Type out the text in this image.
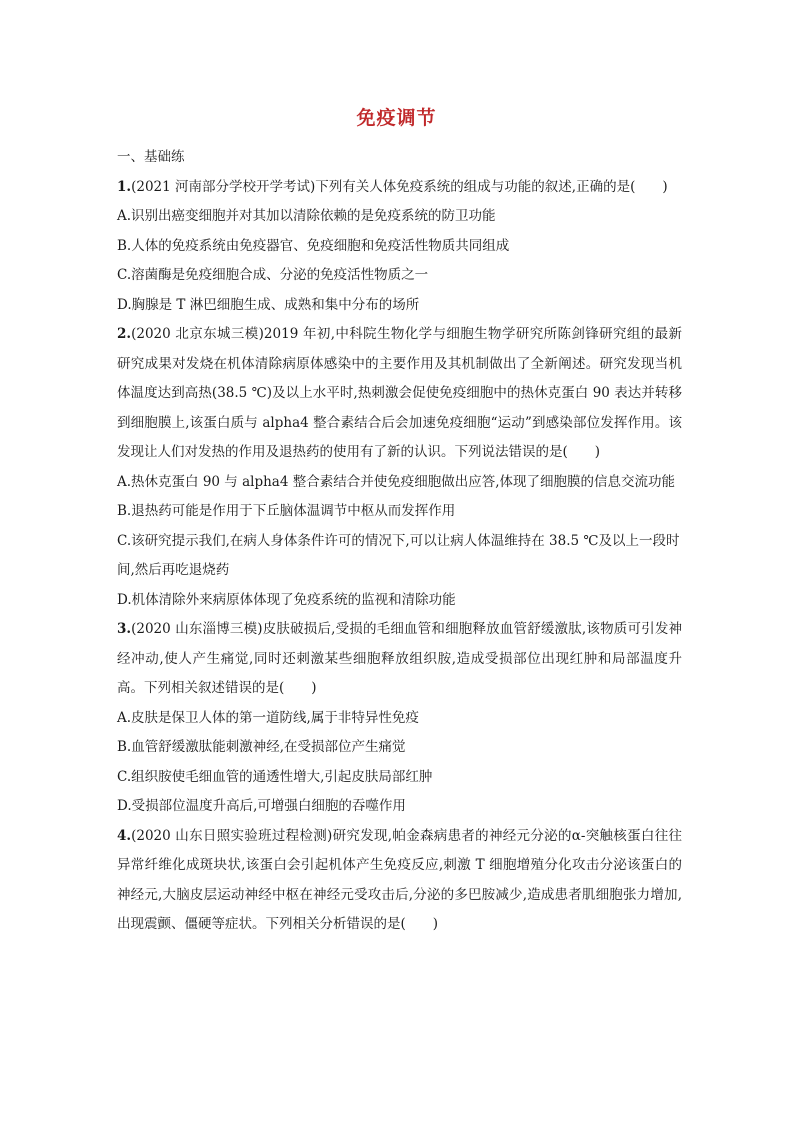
免疫调节

一、基础练

1.(2021 河南部分学校开学考试)下列有关人体免疫系统的组成与功能的叙述,正确的是(　　)

A.识别出癌变细胞并对其加以清除依赖的是免疫系统的防卫功能

B.人体的免疫系统由免疫器官、免疫细胞和免疫活性物质共同组成

C.溶菌酶是免疫细胞合成、分泌的免疫活性物质之一

D.胸腺是 T 淋巴细胞生成、成熟和集中分布的场所

2.(2020 北京东城三模)2019 年初,中科院生物化学与细胞生物学研究所陈剑锋研究组的最新研究成果对发烧在机体清除病原体感染中的主要作用及其机制做出了全新阐述。研究发现当机体温度达到高热(38.5 ℃)及以上水平时,热刺激会促使免疫细胞中的热休克蛋白 90 表达并转移到细胞膜上,该蛋白质与 alpha4 整合素结合后会加速免疫细胞“运动”到感染部位发挥作用。该发现让人们对发热的作用及退热药的使用有了新的认识。下列说法错误的是(　　)

A.热休克蛋白 90 与 alpha4 整合素结合并使免疫细胞做出应答,体现了细胞膜的信息交流功能

B.退热药可能是作用于下丘脑体温调节中枢从而发挥作用

C.该研究提示我们,在病人身体条件许可的情况下,可以让病人体温维持在 38.5 ℃及以上一段时间,然后再吃退烧药

D.机体清除外来病原体体现了免疫系统的监视和清除功能

3.(2020 山东淄博三模)皮肤破损后,受损的毛细血管和细胞释放血管舒缓激肽,该物质可引发神经冲动,使人产生痛觉,同时还刺激某些细胞释放组织胺,造成受损部位出现红肿和局部温度升高。下列相关叙述错误的是(　　)

A.皮肤是保卫人体的第一道防线,属于非特异性免疫

B.血管舒缓激肽能刺激神经,在受损部位产生痛觉

C.组织胺使毛细血管的通透性增大,引起皮肤局部红肿

D.受损部位温度升高后,可增强白细胞的吞噬作用

4.(2020 山东日照实验班过程检测)研究发现,帕金森病患者的神经元分泌的α-突触核蛋白往往异常纤维化成斑块状,该蛋白会引起机体产生免疫反应,刺激 T 细胞增殖分化攻击分泌该蛋白的神经元,大脑皮层运动神经中枢在神经元受攻击后,分泌的多巴胺减少,造成患者肌细胞张力增加,出现震颤、僵硬等症状。下列相关分析错误的是(　　)
